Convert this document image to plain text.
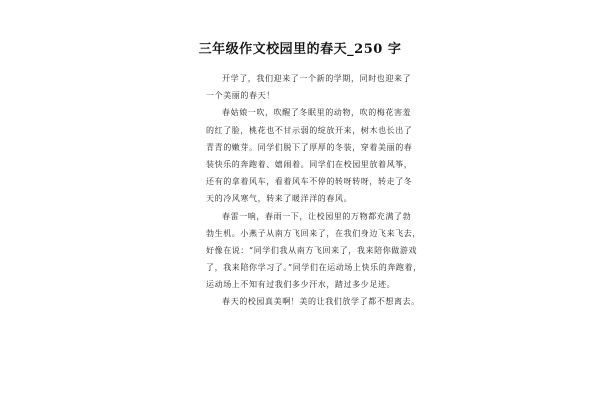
三年级作文校园里的春天_250 字
开学了，我们迎来了一个新的学期，同时也迎来了
一个美丽的春天！
春姑娘一吹，吹醒了冬眠里的动物，吹的梅花害羞
的红了脸，桃花也不甘示弱的绽放开来，树木也长出了
青青的嫩芽。同学们脱下了厚厚的冬装，穿着美丽的春
装快乐的奔跑着、嬉闹着。同学们在校园里放着风筝，
还有的拿着风车，看着风车不停的转呀转呀，转走了冬
天的冷风寒气，转来了暖洋洋的春风。
春雷一响，春雨一下，让校园里的万物都充满了勃
勃生机。小燕子从南方飞回来了，在我们身边飞来飞去，
好像在说：“同学们我从南方飞回来了，我来陪你做游戏
了，我来陪你学习了。”同学们在运动场上快乐的奔跑着，
运动场上不知有过我们多少汗水，踏过多少足迹。
春天的校园真美啊！美的让我们放学了都不想离去。
